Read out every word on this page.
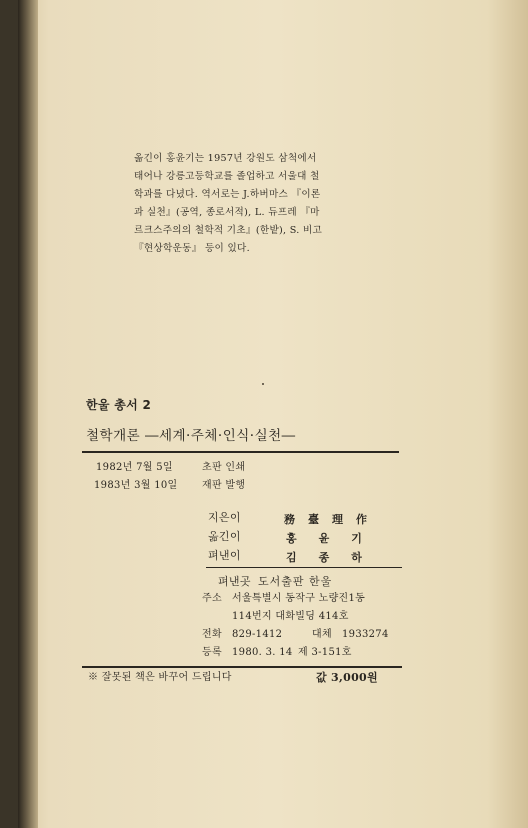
옮긴이 홍윤기는 1957년 강원도 삼척에서
태어나 강릉고등학교를 졸업하고 서울대 철
학과를 다녔다. 역서로는 J.하버마스 『이론
과 실천』(공역, 종로서적), L. 듀프레 『마
르크스주의의 철학적 기초』(한밭), S. 비고
『현상학운동』 등이 있다.
한울 총서 2
철학개론 ―세계·주체·인식·실천―
1982년 7월 5일	초판 인쇄
1983년 3월 10일 재판 발행
지은이	務臺理作
옮긴이	홍윤기
펴낸이	김종하
펴낸곳 도서출판 한울
주소 서울특별시 동작구 노량진1동
114번지 대화빌딩 414호
전화 829-1412	대체 1933274
등록 1980. 3. 14 제 3-151호
※ 잘못된 책은 바꾸어 드립니다	값 3,000원
